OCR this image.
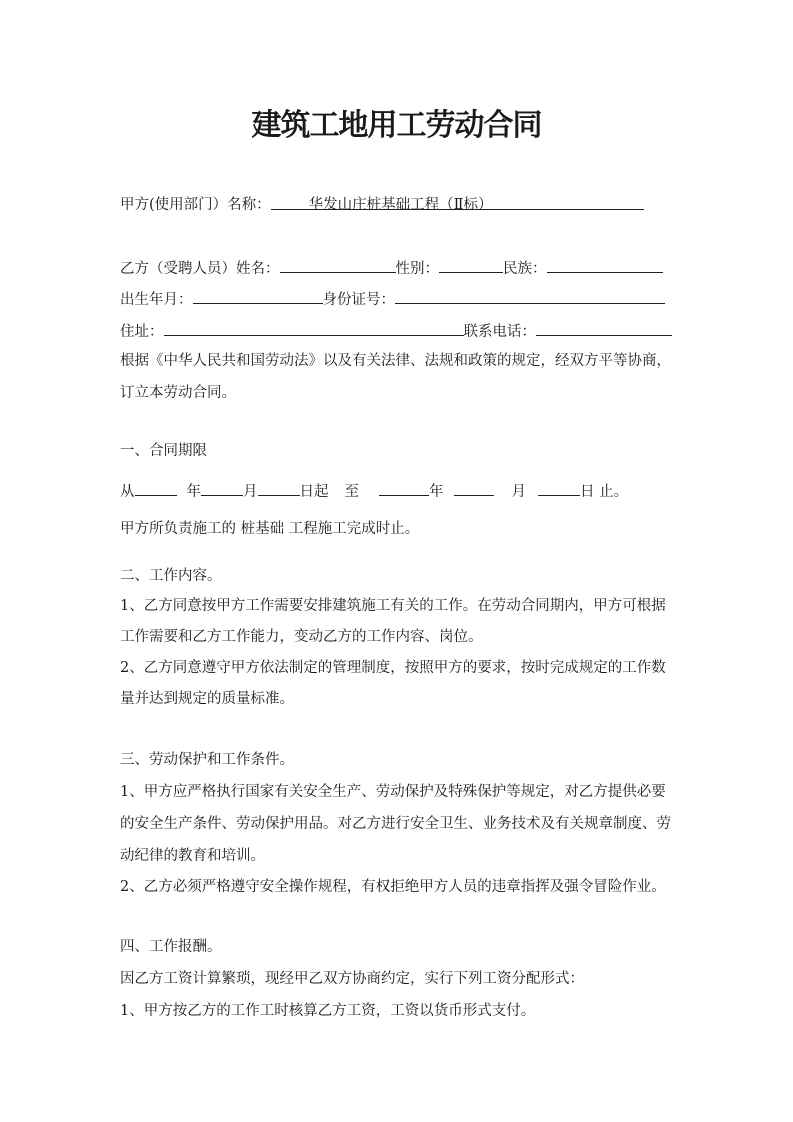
建筑工地用工劳动合同
甲方(使用部门）名称：	华发山庄桩基础工程（Ⅱ标）
乙方（受聘人员）姓名：	性别：	民族：
出生年月：	身份证号：
住址：	联系电话：
根据《中华人民共和国劳动法》以及有关法律、法规和政策的规定，经双方平等协商，
订立本劳动合同。
一、合同期限
从	年	月	日起 至	年	月	日 止。
甲方所负责施工的 桩基础 工程施工完成时止。
二、工作内容。
1、乙方同意按甲方工作需要安排建筑施工有关的工作。在劳动合同期内，甲方可根据
工作需要和乙方工作能力，变动乙方的工作内容、岗位。
2、乙方同意遵守甲方依法制定的管理制度，按照甲方的要求，按时完成规定的工作数
量并达到规定的质量标准。
三、劳动保护和工作条件。
1、甲方应严格执行国家有关安全生产、劳动保护及特殊保护等规定，对乙方提供必要
的安全生产条件、劳动保护用品。对乙方进行安全卫生、业务技术及有关规章制度、劳
动纪律的教育和培训。
2、乙方必须严格遵守安全操作规程，有权拒绝甲方人员的违章指挥及强令冒险作业。
四、工作报酬。
因乙方工资计算繁琐，现经甲乙双方协商约定，实行下列工资分配形式：
1、甲方按乙方的工作工时核算乙方工资，工资以货币形式支付。
